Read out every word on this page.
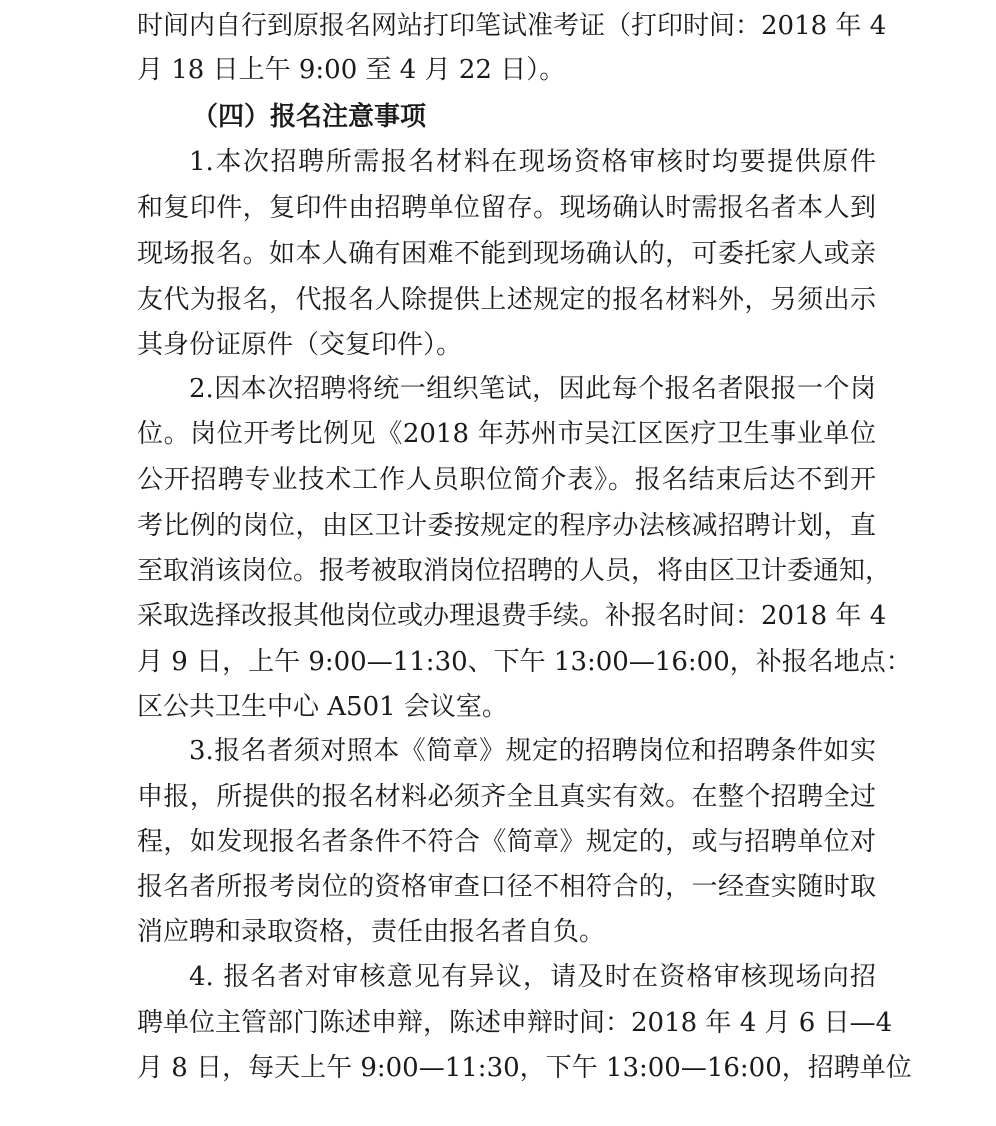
时间内自行到原报名网站打印笔试准考证（打印时间：2018 年 4
月 18 日上午 9:00 至 4 月 22 日）。
（四）报名注意事项
1.本次招聘所需报名材料在现场资格审核时均要提供原件
和复印件，复印件由招聘单位留存。现场确认时需报名者本人到
现场报名。如本人确有困难不能到现场确认的，可委托家人或亲
友代为报名，代报名人除提供上述规定的报名材料外，另须出示
其身份证原件（交复印件）。
2.因本次招聘将统一组织笔试，因此每个报名者限报一个岗
位。岗位开考比例见《2018 年苏州市吴江区医疗卫生事业单位
公开招聘专业技术工作人员职位简介表》。报名结束后达不到开
考比例的岗位，由区卫计委按规定的程序办法核减招聘计划，直
至取消该岗位。报考被取消岗位招聘的人员，将由区卫计委通知，
采取选择改报其他岗位或办理退费手续。补报名时间：2018 年 4
月 9 日，上午 9:00—11:30、下午 13:00—16:00，补报名地点：
区公共卫生中心 A501 会议室。
3.报名者须对照本《简章》规定的招聘岗位和招聘条件如实
申报，所提供的报名材料必须齐全且真实有效。在整个招聘全过
程，如发现报名者条件不符合《简章》规定的，或与招聘单位对
报名者所报考岗位的资格审查口径不相符合的，一经查实随时取
消应聘和录取资格，责任由报名者自负。
4. 报名者对审核意见有异议，请及时在资格审核现场向招
聘单位主管部门陈述申辩，陈述申辩时间：2018 年 4 月 6 日—4
月 8 日，每天上午 9:00—11:30，下午 13:00—16:00，招聘单位
